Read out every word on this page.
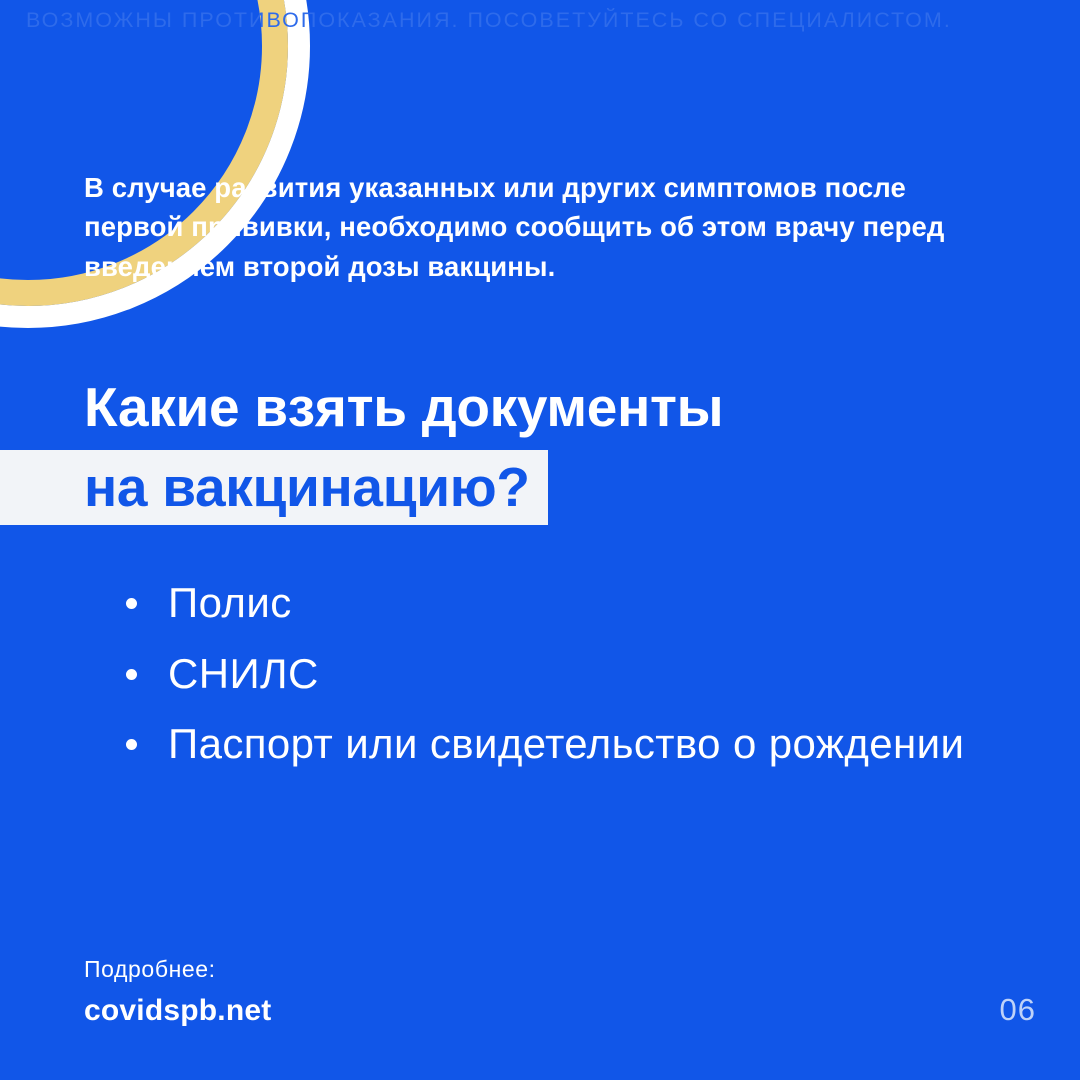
ВОЗМОЖНЫ ПРОТИВОПОКАЗАНИЯ. ПОСОВЕТУЙТЕСЬ СО СПЕЦИАЛИСТОМ.

В случае развития указанных или других симптомов после первой прививки, необходимо сообщить об этом врачу перед введением второй дозы вакцины.

Какие взять документы
на вакцинацию?
Полис
СНИЛС
Паспорт или свидетельство о рождении
Подробнее:
covidspb.net	06
